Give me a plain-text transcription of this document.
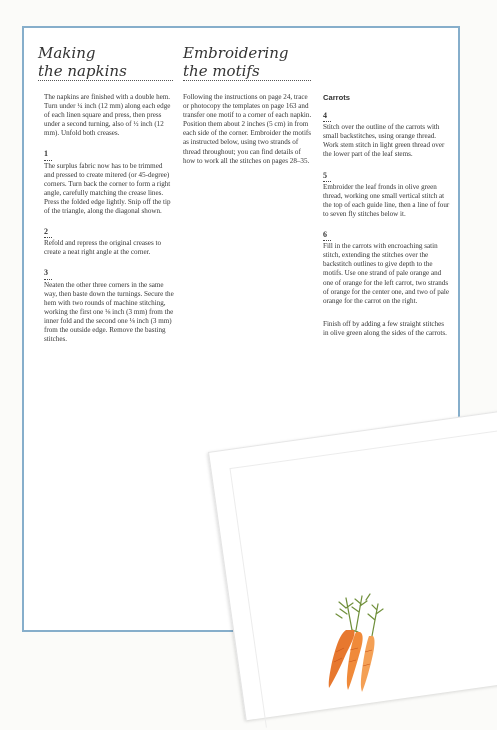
Making
the napkins
Embroidering
the motifs

The napkins are finished with a double hem. Turn under ¼ inch (12 mm) along each edge of each linen square and press, then press under a second turning, also of ½ inch (12 mm). Unfold both creases.

1

The surplus fabric now has to be trimmed and pressed to create mitered (or 45-degree) corners. Turn back the corner to form a right angle, carefully matching the crease lines. Press the folded edge lightly. Snip off the tip of the triangle, along the diagonal shown.

2

Refold and repress the original creases to create a neat right angle at the corner.

3

Neaten the other three corners in the same way, then baste down the turnings. Secure the hem with two rounds of machine stitching, working the first one ⅛ inch (3 mm) from the inner fold and the second one ⅛ inch (3 mm) from the outside edge. Remove the basting stitches.

Following the instructions on page 24, trace or photocopy the templates on page 163 and transfer one motif to a corner of each napkin. Position them about 2 inches (5 cm) in from each side of the corner. Embroider the motifs as instructed below, using two strands of thread throughout; you can find details of how to work all the stitches on pages 28–35.

Carrots

4

Stitch over the outline of the carrots with small backstitches, using orange thread. Work stem stitch in light green thread over the lower part of the leaf stems.

5

Embroider the leaf fronds in olive green thread, working one small vertical stitch at the top of each guide line, then a line of four to seven fly stitches below it.

6

Fill in the carrots with encroaching satin stitch, extending the stitches over the backstitch outlines to give depth to the motifs. Use one strand of pale orange and one of orange for the left carrot, two strands of orange for the center one, and two of pale orange for the carrot on the right.

Finish off by adding a few straight stitches in olive green along the sides of the carrots.
